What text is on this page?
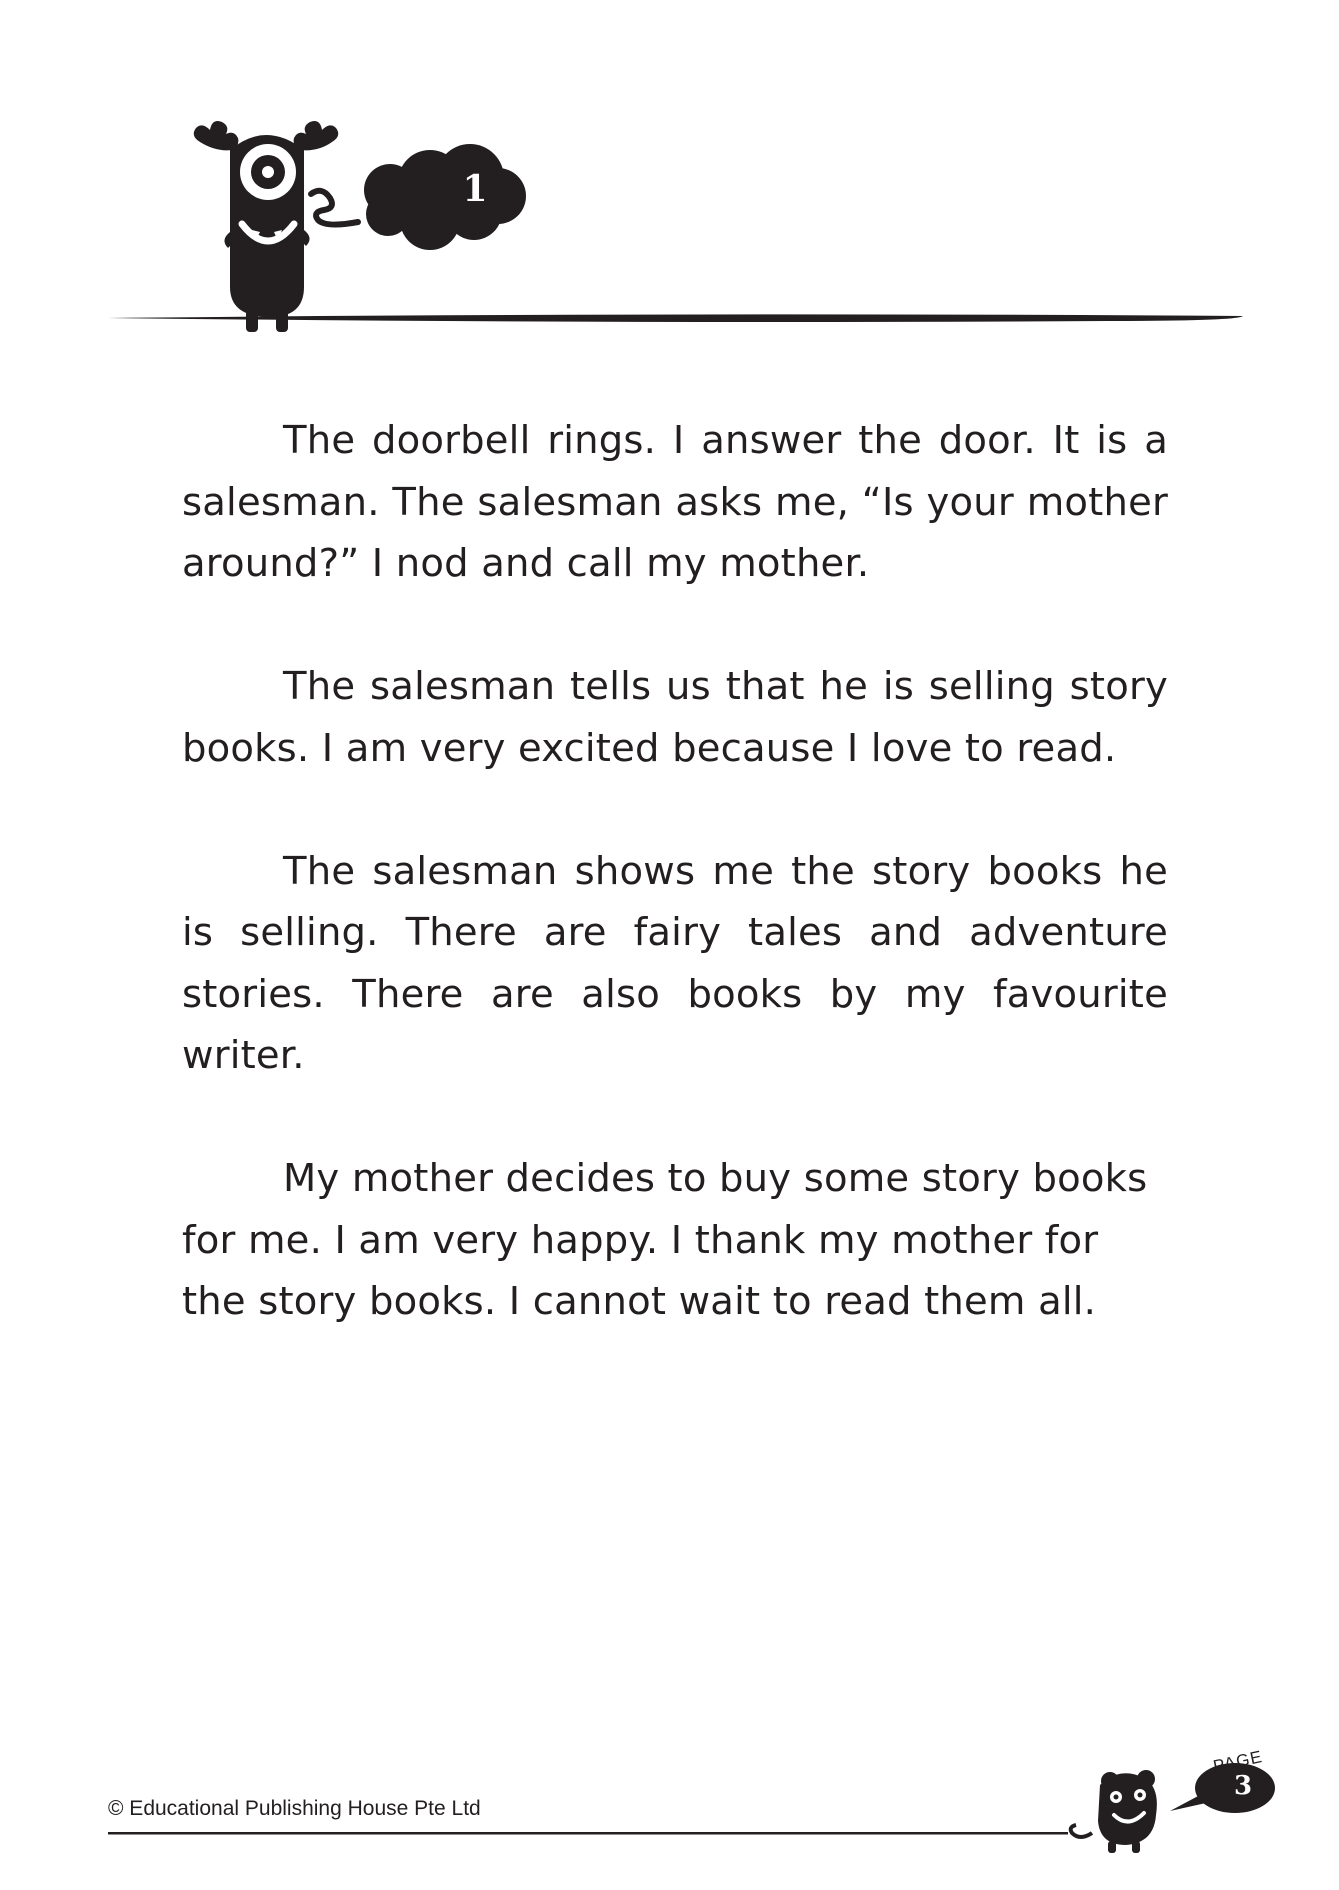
1

The doorbell rings. I answer the door. It is a salesman. The salesman asks me, “Is your mother around?” I nod and call my mother.

The salesman tells us that he is selling story books. I am very excited because I love to read.

The salesman shows me the story books he is selling. There are fairy tales and adventure stories. There are also books by my favourite writer.

My mother decides to buy some story books for me. I am very happy. I thank my mother for the story books. I cannot wait to read them all.

© Educational Publishing House Pte Ltd
PAGE
3
